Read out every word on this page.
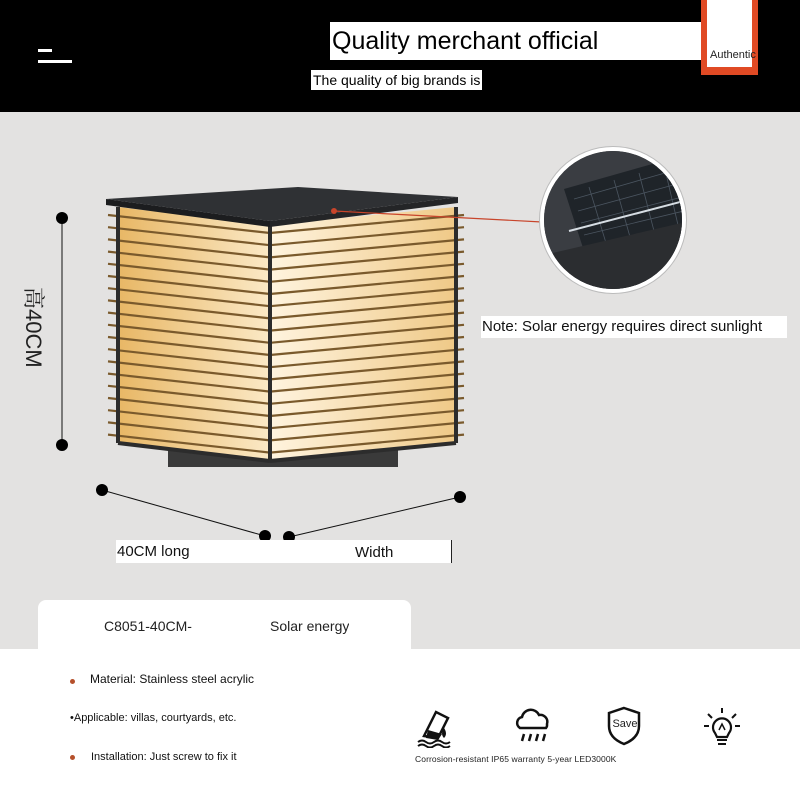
Quality merchant official	Authentic
The quality of big brands is
Note: Solar energy requires direct sunlight
高40CM
40CM long	Width
C8051-40CM-	Solar energy
Material: Stainless steel acrylic
•Applicable: villas, courtyards, etc.
Installation: Just screw to fix it
Save
Corrosion-resistant IP65 warranty 5-year LED3000K
